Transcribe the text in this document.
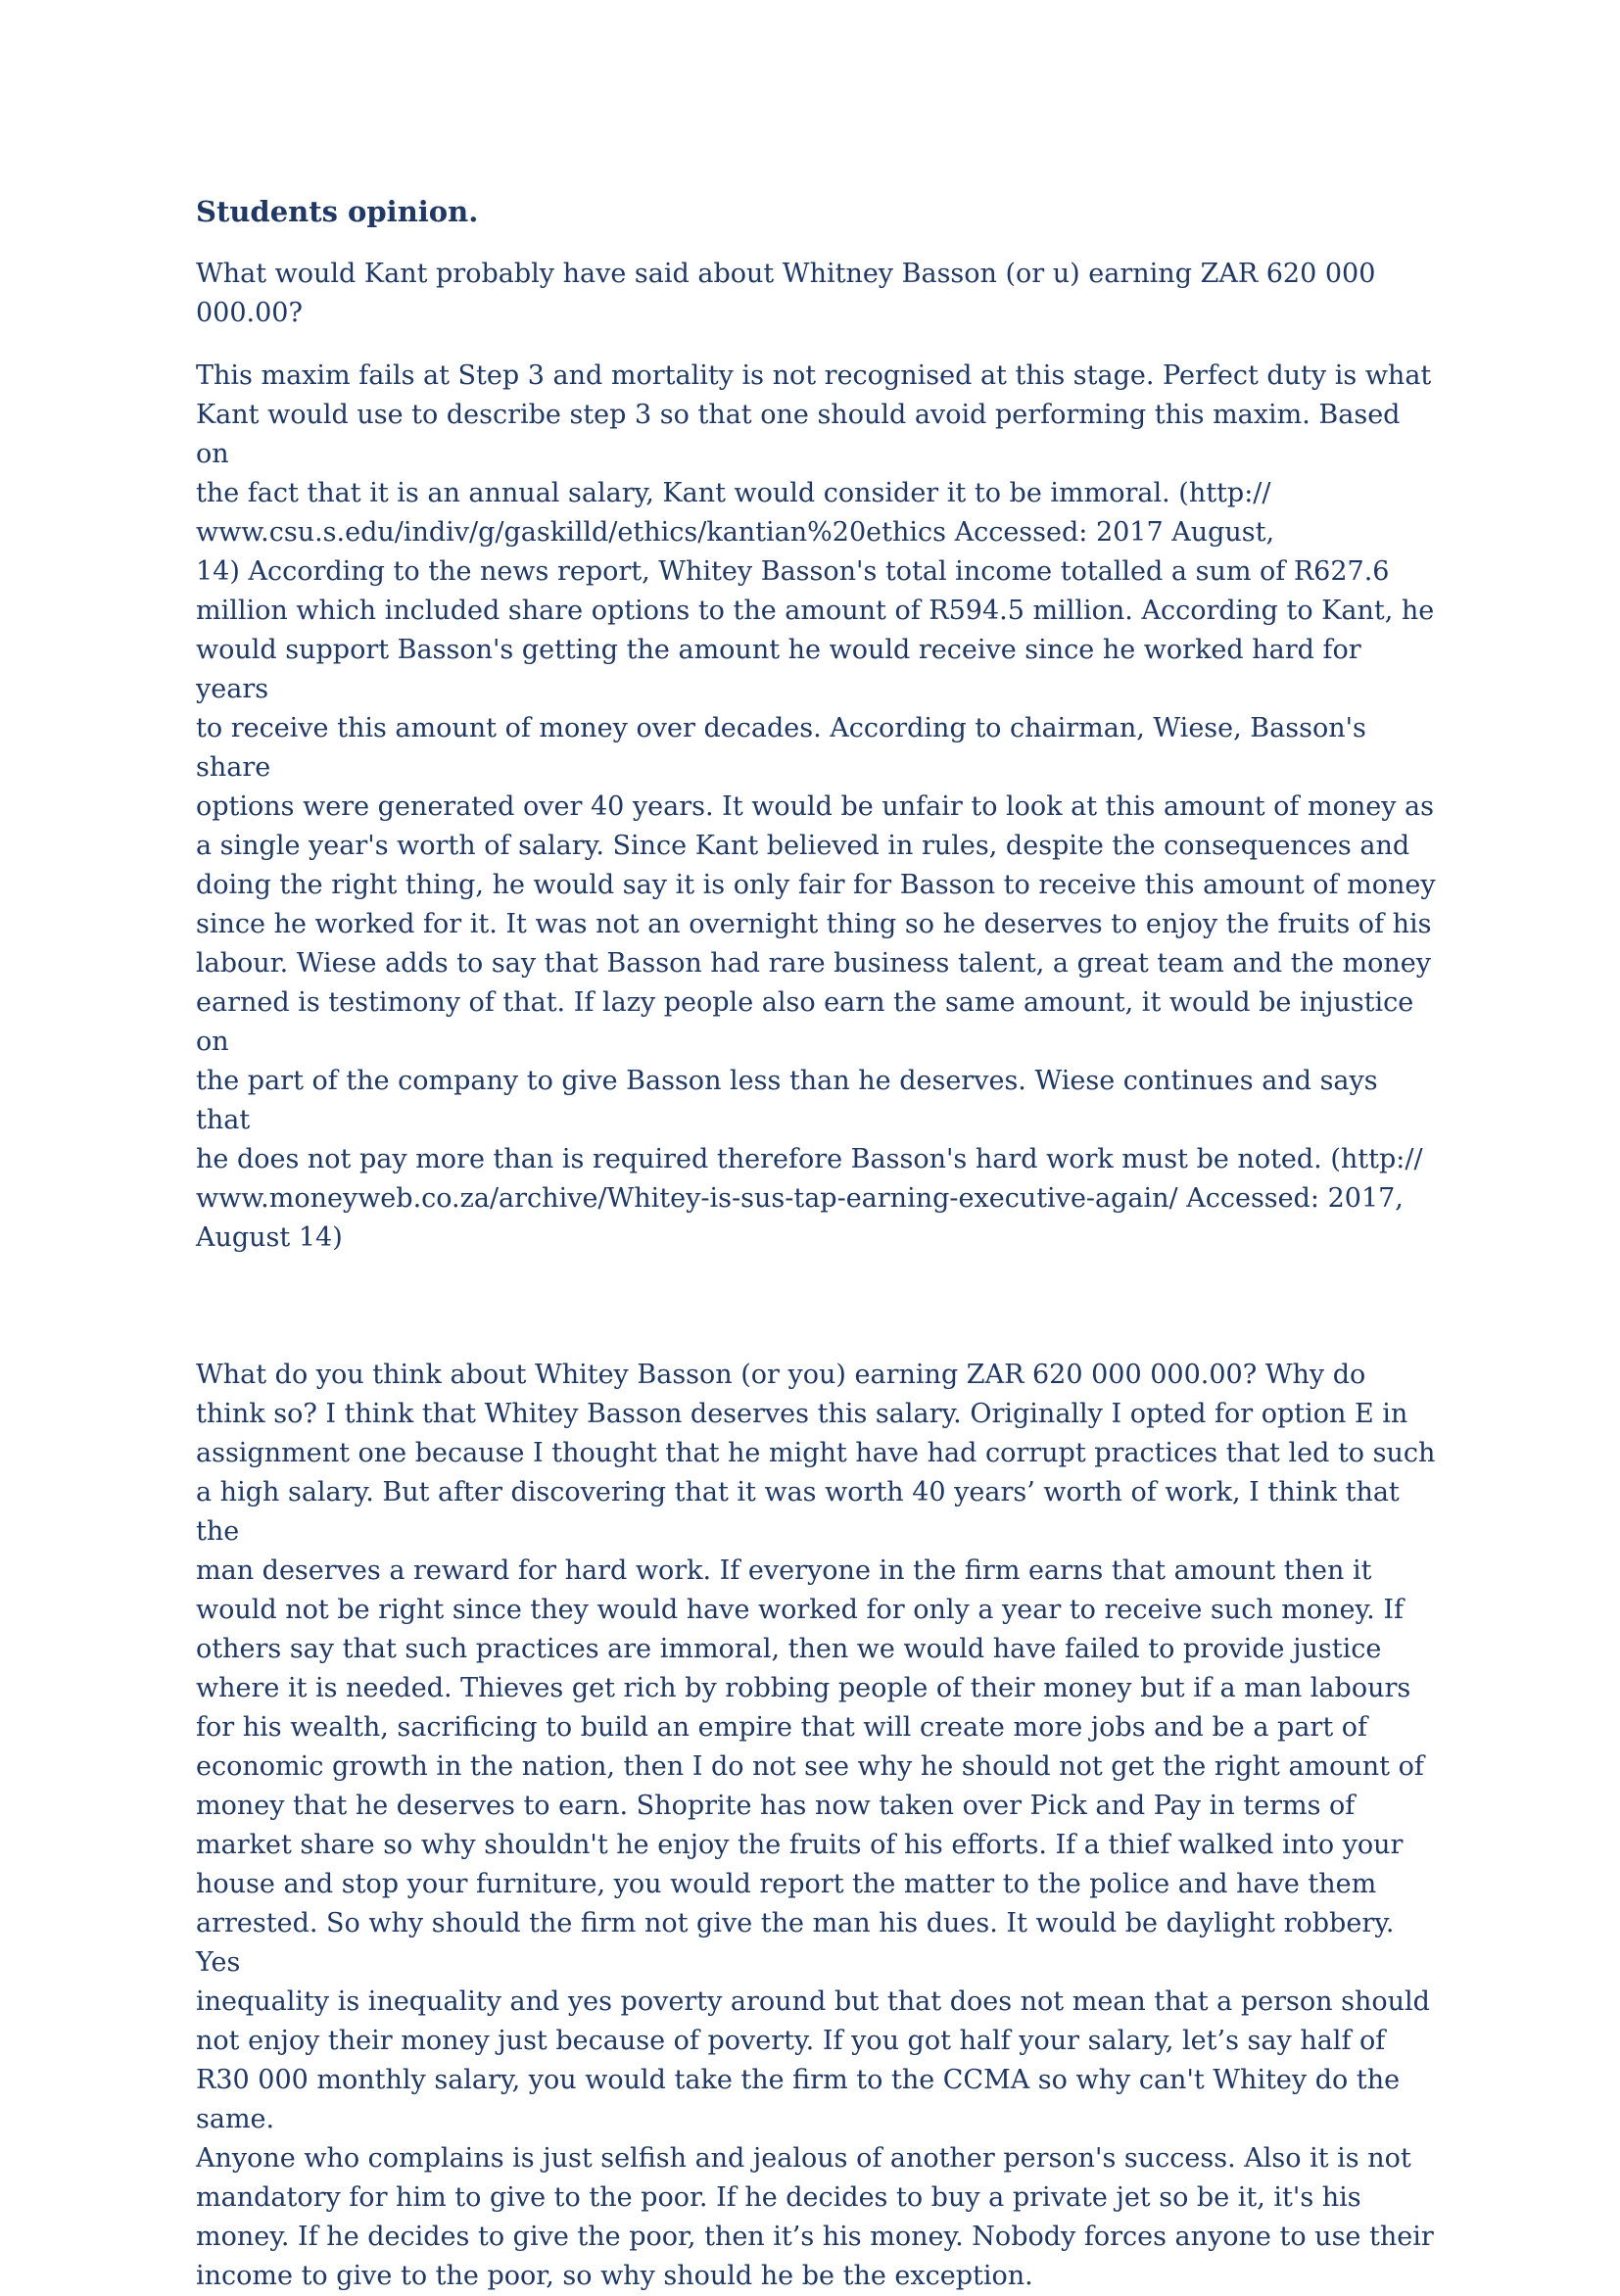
Students opinion.

What would Kant probably have said about Whitney Basson (or u) earning ZAR 620 000
000.00?

This maxim fails at Step 3 and mortality is not recognised at this stage. Perfect duty is what
Kant would use to describe step 3 so that one should avoid performing this maxim. Based on
the fact that it is an annual salary, Kant would consider it to be immoral. (http://
www.csu.s.edu/indiv/g/gaskilld/ethics/kantian%20ethics Accessed: 2017 August,
14) According to the news report, Whitey Basson's total income totalled a sum of R627.6
million which included share options to the amount of R594.5 million. According to Kant, he
would support Basson's getting the amount he would receive since he worked hard for years
to receive this amount of money over decades. According to chairman, Wiese, Basson's share
options were generated over 40 years. It would be unfair to look at this amount of money as
a single year's worth of salary. Since Kant believed in rules, despite the consequences and
doing the right thing, he would say it is only fair for Basson to receive this amount of money
since he worked for it. It was not an overnight thing so he deserves to enjoy the fruits of his
labour. Wiese adds to say that Basson had rare business talent, a great team and the money
earned is testimony of that. If lazy people also earn the same amount, it would be injustice on
the part of the company to give Basson less than he deserves. Wiese continues and says that
he does not pay more than is required therefore Basson's hard work must be noted. (http://
www.moneyweb.co.za/archive/Whitey-is-sus-tap-earning-executive-again/ Accessed: 2017,
August 14)

What do you think about Whitey Basson (or you) earning ZAR 620 000 000.00? Why do
think so? I think that Whitey Basson deserves this salary. Originally I opted for option E in
assignment one because I thought that he might have had corrupt practices that led to such
a high salary. But after discovering that it was worth 40 years’ worth of work, I think that the
man deserves a reward for hard work. If everyone in the firm earns that amount then it
would not be right since they would have worked for only a year to receive such money. If
others say that such practices are immoral, then we would have failed to provide justice
where it is needed. Thieves get rich by robbing people of their money but if a man labours
for his wealth, sacrificing to build an empire that will create more jobs and be a part of
economic growth in the nation, then I do not see why he should not get the right amount of
money that he deserves to earn. Shoprite has now taken over Pick and Pay in terms of
market share so why shouldn't he enjoy the fruits of his efforts. If a thief walked into your
house and stop your furniture, you would report the matter to the police and have them
arrested. So why should the firm not give the man his dues. It would be daylight robbery. Yes
inequality is inequality and yes poverty around but that does not mean that a person should
not enjoy their money just because of poverty. If you got half your salary, let’s say half of
R30 000 monthly salary, you would take the firm to the CCMA so why can't Whitey do the
same.

Anyone who complains is just selfish and jealous of another person's success. Also it is not
mandatory for him to give to the poor. If he decides to buy a private jet so be it, it's his
money. If he decides to give the poor, then it’s his money. Nobody forces anyone to use their
income to give to the poor, so why should he be the exception.
